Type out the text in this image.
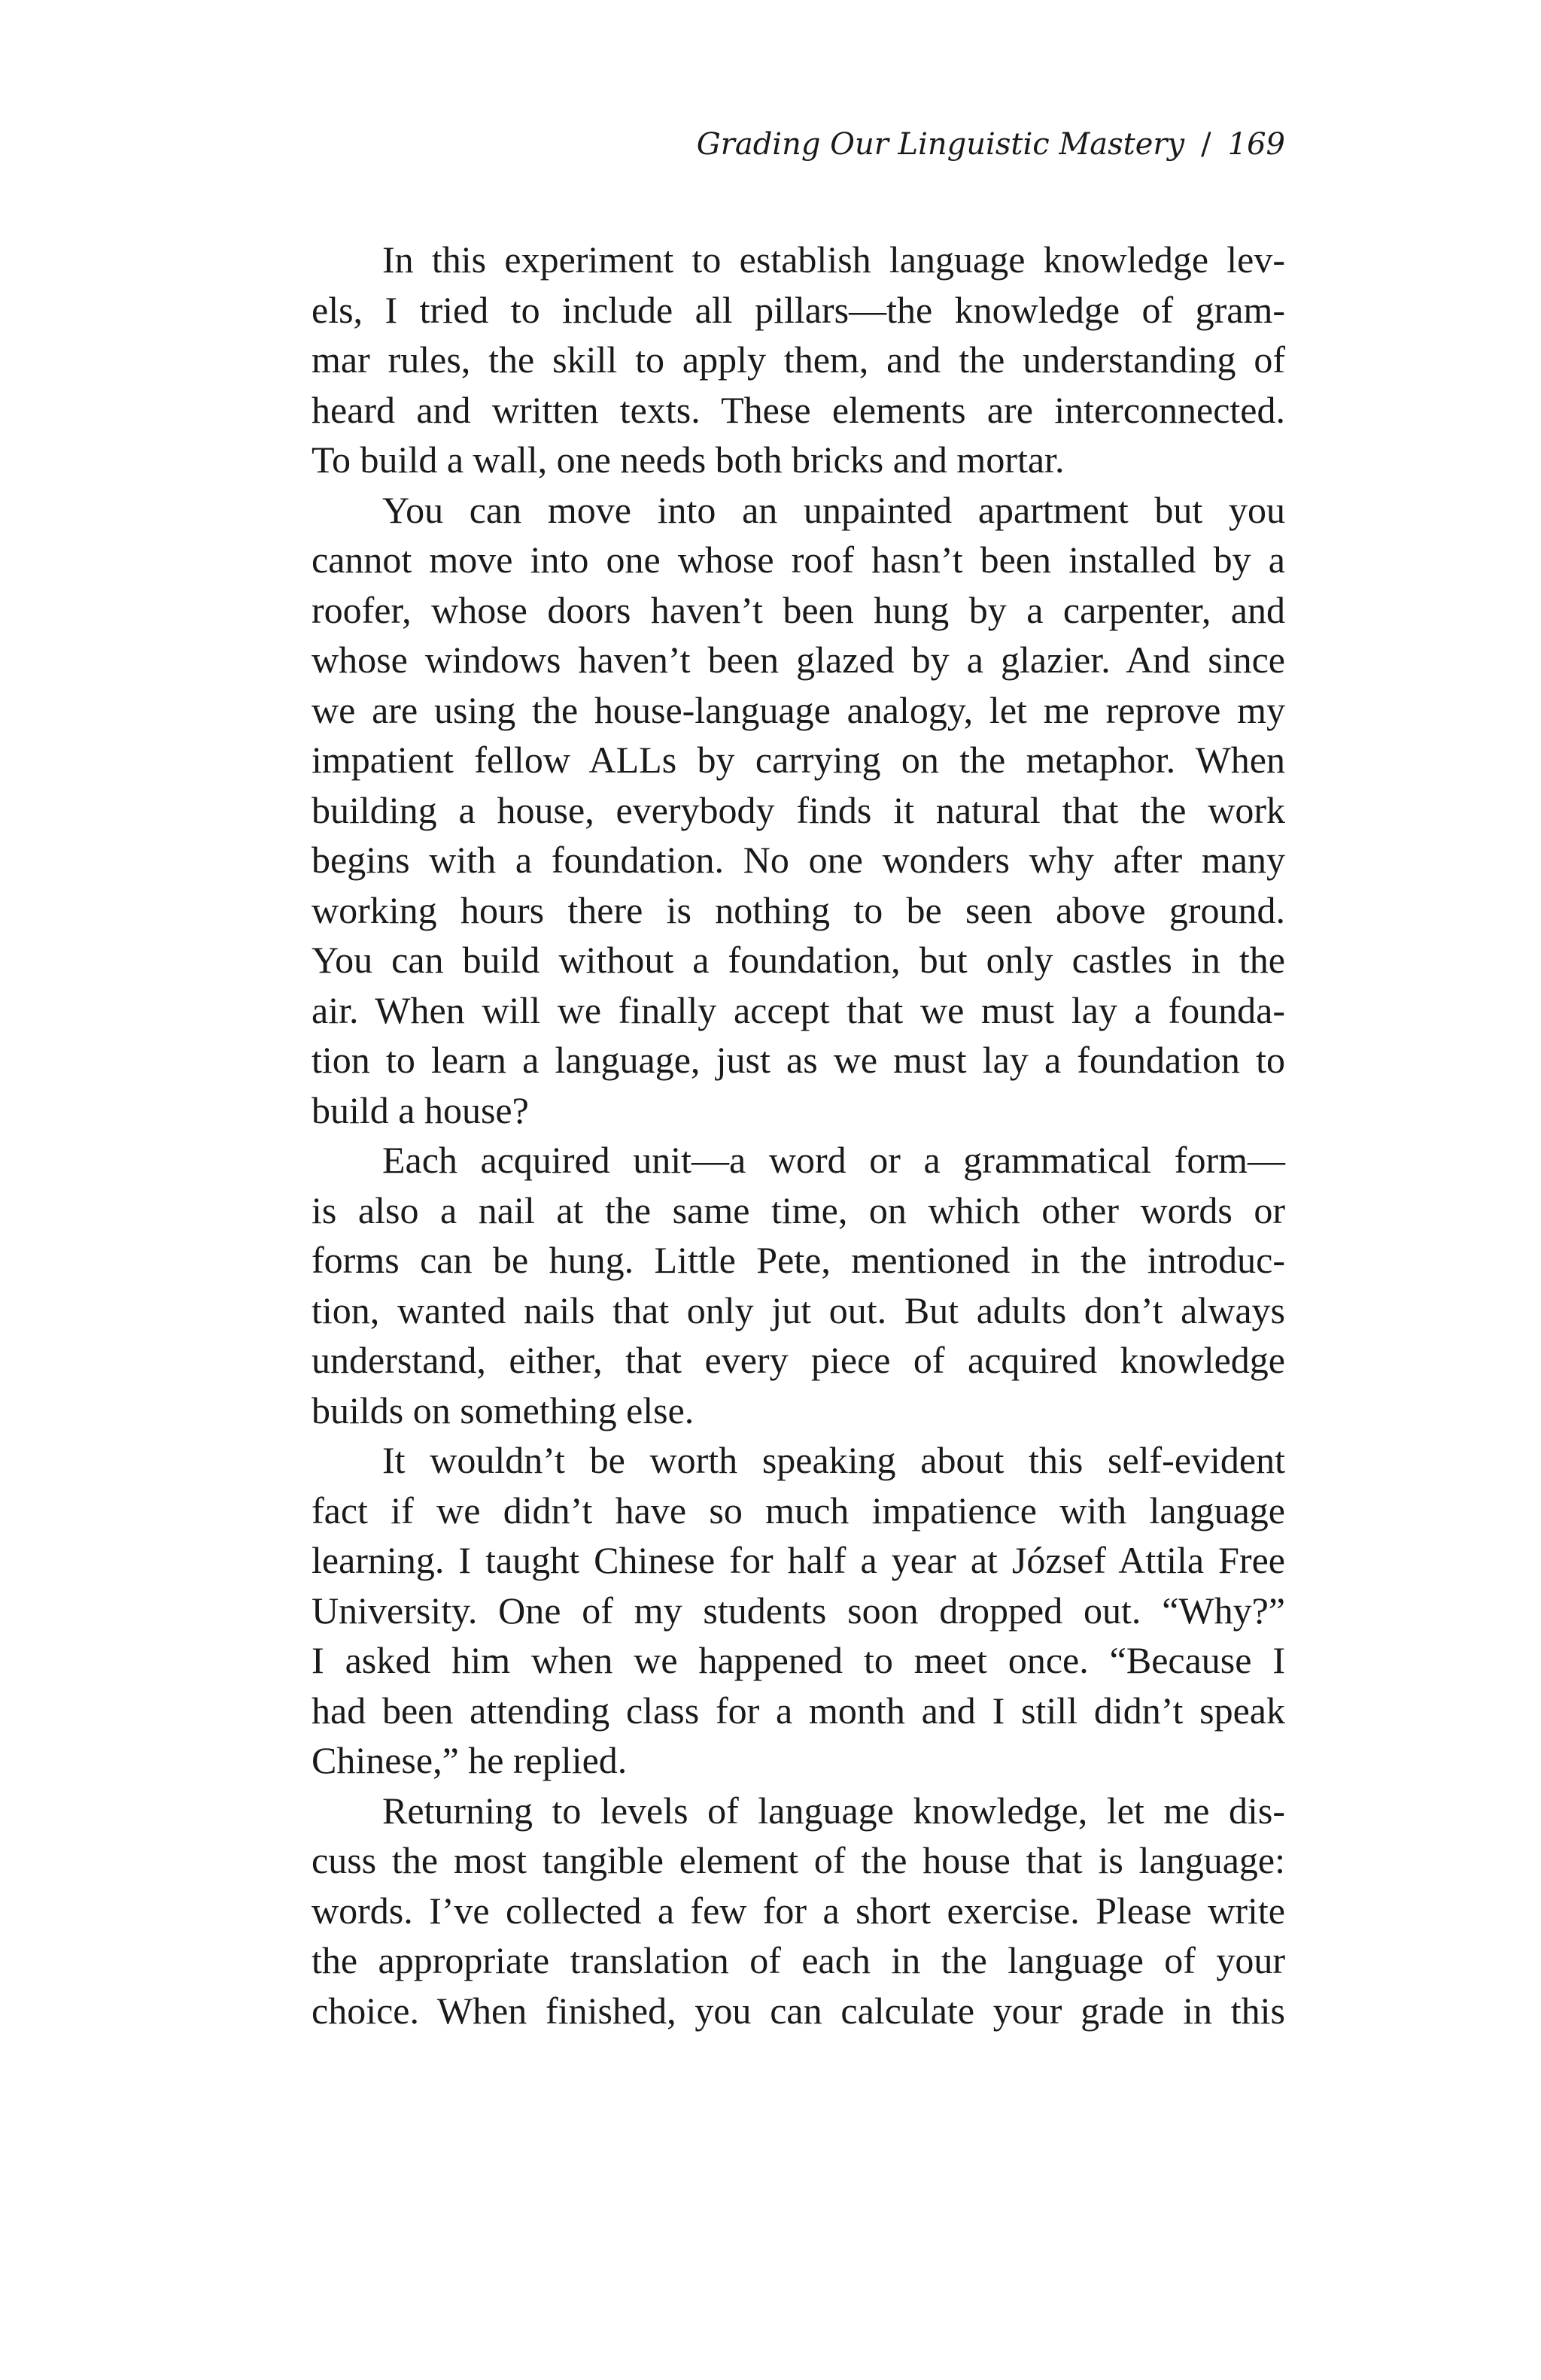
Grading Our Linguistic Mastery / 169
In this experiment to establish language knowledge lev-
els, I tried to include all pillars—the knowledge of gram-
mar rules, the skill to apply them, and the understanding of
heard and written texts. These elements are interconnected.
To build a wall, one needs both bricks and mortar.
You can move into an unpainted apartment but you
cannot move into one whose roof hasn’t been installed by a
roofer, whose doors haven’t been hung by a carpenter, and
whose windows haven’t been glazed by a glazier. And since
we are using the house-language analogy, let me reprove my
impatient fellow ALLs by carrying on the metaphor. When
building a house, everybody finds it natural that the work
begins with a foundation. No one wonders why after many
working hours there is nothing to be seen above ground.
You can build without a foundation, but only castles in the
air. When will we finally accept that we must lay a founda-
tion to learn a language, just as we must lay a foundation to
build a house?
Each acquired unit—a word or a grammatical form—
is also a nail at the same time, on which other words or
forms can be hung. Little Pete, mentioned in the introduc-
tion, wanted nails that only jut out. But adults don’t always
understand, either, that every piece of acquired knowledge
builds on something else.
It wouldn’t be worth speaking about this self-evident
fact if we didn’t have so much impatience with language
learning. I taught Chinese for half a year at József Attila Free
University. One of my students soon dropped out. “Why?”
I asked him when we happened to meet once. “Because I
had been attending class for a month and I still didn’t speak
Chinese,” he replied.
Returning to levels of language knowledge, let me dis-
cuss the most tangible element of the house that is language:
words. I’ve collected a few for a short exercise. Please write
the appropriate translation of each in the language of your
choice. When finished, you can calculate your grade in this
